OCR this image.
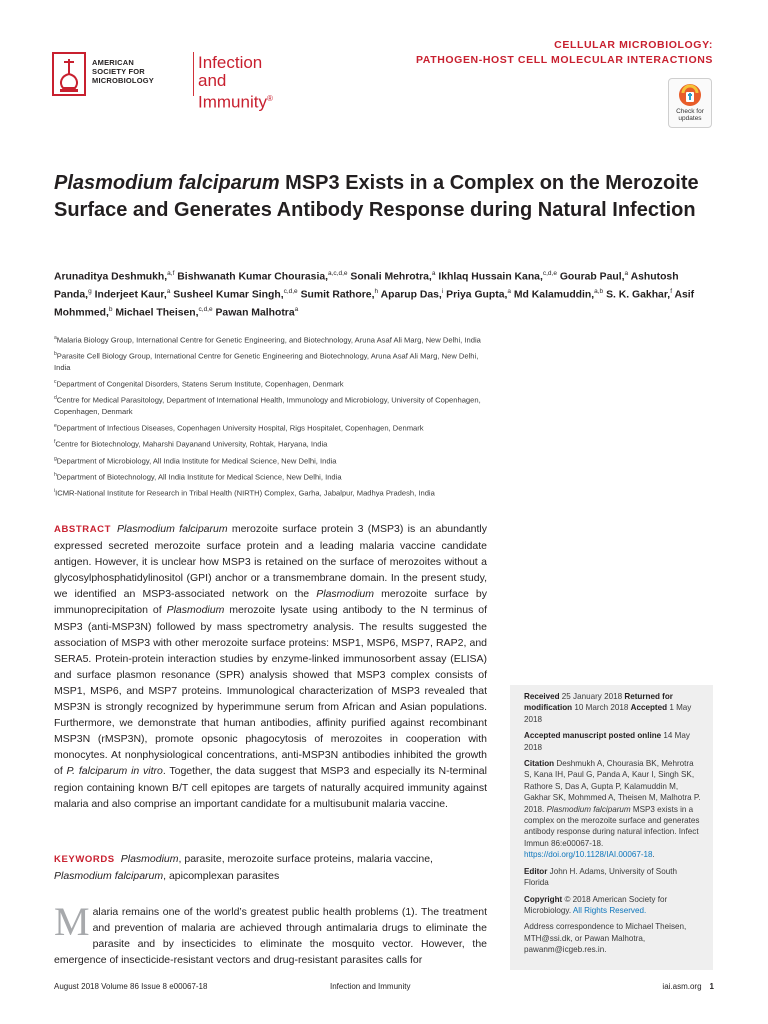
AMERICAN
SOCIETY FOR
MICROBIOLOGY
Infection and
Immunity®
CELLULAR MICROBIOLOGY:
PATHOGEN-HOST CELL MOLECULAR INTERACTIONS
Check for
updates
Plasmodium falciparum MSP3 Exists in a Complex on the Merozoite Surface and Generates Antibody Response during Natural Infection
Arunaditya Deshmukh,$^{a,f}$ Bishwanath Kumar Chourasia,$^{a,c,d,e}$ Sonali Mehrotra,$^a$ Ikhlaq Hussain Kana,$^{c,d,e}$ Gourab Paul,$^a$ Ashutosh Panda,$^g$ Inderjeet Kaur,$^a$ Susheel Kumar Singh,$^{c,d,e}$ Sumit Rathore,$^h$ Aparup Das,$^i$ Priya Gupta,$^a$ Md Kalamuddin,$^{a,b}$ S. K. Gakhar,$^f$ Asif Mohmmed,$^b$ Michael Theisen,$^{c,d,e}$ Pawan Malhotra$^a$

$^a$Malaria Biology Group, International Centre for Genetic Engineering, and Biotechnology, Aruna Asaf Ali Marg, New Delhi, India

$^b$Parasite Cell Biology Group, International Centre for Genetic Engineering and Biotechnology, Aruna Asaf Ali Marg, New Delhi, India

$^c$Department of Congenital Disorders, Statens Serum Institute, Copenhagen, Denmark

$^d$Centre for Medical Parasitology, Department of International Health, Immunology and Microbiology, University of Copenhagen, Copenhagen, Denmark

$^e$Department of Infectious Diseases, Copenhagen University Hospital, Rigs Hospitalet, Copenhagen, Denmark

$^f$Centre for Biotechnology, Maharshi Dayanand University, Rohtak, Haryana, India

$^g$Department of Microbiology, All India Institute for Medical Science, New Delhi, India

$^h$Department of Biotechnology, All India Institute for Medical Science, New Delhi, India

$^i$ICMR-National Institute for Research in Tribal Health (NIRTH) Complex, Garha, Jabalpur, Madhya Pradesh, India

ABSTRACT Plasmodium falciparum merozoite surface protein 3 (MSP3) is an abundantly expressed secreted merozoite surface protein and a leading malaria vaccine candidate antigen. However, it is unclear how MSP3 is retained on the surface of merozoites without a glycosylphosphatidylinositol (GPI) anchor or a transmembrane domain. In the present study, we identified an MSP3-associated network on the Plasmodium merozoite surface by immunoprecipitation of Plasmodium merozoite lysate using antibody to the N terminus of MSP3 (anti-MSP3N) followed by mass spectrometry analysis. The results suggested the association of MSP3 with other merozoite surface proteins: MSP1, MSP6, MSP7, RAP2, and SERA5. Protein-protein interaction studies by enzyme-linked immunosorbent assay (ELISA) and surface plasmon resonance (SPR) analysis showed that MSP3 complex consists of MSP1, MSP6, and MSP7 proteins. Immunological characterization of MSP3 revealed that MSP3N is strongly recognized by hyperimmune serum from African and Asian populations. Furthermore, we demonstrate that human antibodies, affinity purified against recombinant MSP3N (rMSP3N), promote opsonic phagocytosis of merozoites in cooperation with monocytes. At nonphysiological concentrations, anti-MSP3N antibodies inhibited the growth of P. falciparum in vitro. Together, the data suggest that MSP3 and especially its N-terminal region containing known B/T cell epitopes are targets of naturally acquired immunity against malaria and also comprise an important candidate for a multisubunit malaria vaccine.
KEYWORDS Plasmodium, parasite, merozoite surface proteins, malaria vaccine, Plasmodium falciparum, apicomplexan parasites
Malaria remains one of the world’s greatest public health problems (1). The treatment and prevention of malaria are achieved through antimalaria drugs to eliminate the parasite and by insecticides to eliminate the mosquito vector. However, the emergence of insecticide-resistant vectors and drug-resistant parasites calls for

Received 25 January 2018 Returned for modification 10 March 2018 Accepted 1 May 2018

Accepted manuscript posted online 14 May 2018

Citation Deshmukh A, Chourasia BK, Mehrotra S, Kana IH, Paul G, Panda A, Kaur I, Singh SK, Rathore S, Das A, Gupta P, Kalamuddin M, Gakhar SK, Mohmmed A, Theisen M, Malhotra P. 2018. Plasmodium falciparum MSP3 exists in a complex on the merozoite surface and generates antibody response during natural infection. Infect Immun 86:e00067-18. https://doi.org/10.1128/IAI.00067-18.

Editor John H. Adams, University of South Florida

Copyright © 2018 American Society for Microbiology. All Rights Reserved.

Address correspondence to Michael Theisen, MTH@ssi.dk, or Pawan Malhotra, pawanm@icgeb.res.in.

August 2018 Volume 86 Issue 8 e00067-18	Infection and Immunity	iai.asm.org 1
